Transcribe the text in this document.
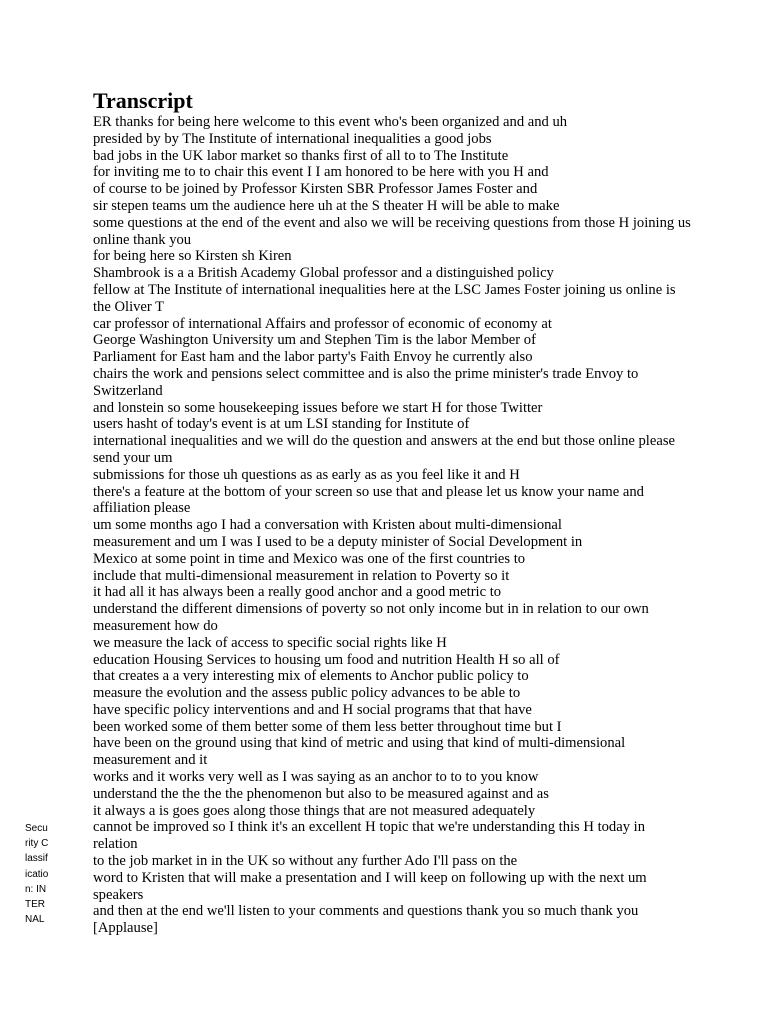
Transcript
ER thanks for being here welcome to this event who's been organized and and uh
presided by by The Institute of international inequalities a good jobs
bad jobs in the UK labor market so thanks first of all to to The Institute
for inviting me to to chair this event I I am honored to be here with you H and
of course to be joined by Professor Kirsten SBR Professor James Foster and
sir stepen teams um the audience here uh at the S theater H will be able to make
some questions at the end of the event and also we will be receiving questions from those H joining us online thank you
for being here so Kirsten sh Kiren
Shambrook is a a British Academy Global professor and a distinguished policy
fellow at The Institute of international inequalities here at the LSC James Foster joining us online is the Oliver T
car professor of international Affairs and professor of economic of economy at
George Washington University um and Stephen Tim is the labor Member of
Parliament for East ham and the labor party's Faith Envoy he currently also
chairs the work and pensions select committee and is also the prime minister's trade Envoy to Switzerland
and lonstein so some housekeeping issues before we start H for those Twitter
users hasht of today's event is at um LSI standing for Institute of
international inequalities and we will do the question and answers at the end but those online please send your um
submissions for those uh questions as as early as as you feel like it and H
there's a feature at the bottom of your screen so use that and please let us know your name and affiliation please
um some months ago I had a conversation with Kristen about multi-dimensional
measurement and um I was I used to be a deputy minister of Social Development in
Mexico at some point in time and Mexico was one of the first countries to
include that multi-dimensional measurement in relation to Poverty so it
it had all it has always been a really good anchor and a good metric to
understand the different dimensions of poverty so not only income but in in relation to our own measurement how do
we measure the lack of access to specific social rights like H
education Housing Services to housing um food and nutrition Health H so all of
that creates a a very interesting mix of elements to Anchor public policy to
measure the evolution and the assess public policy advances to be able to
have specific policy interventions and and H social programs that that have
been worked some of them better some of them less better throughout time but I
have been on the ground using that kind of metric and using that kind of multi-dimensional measurement and it
works and it works very well as I was saying as an anchor to to to you know
understand the the the the phenomenon but also to be measured against and as
it always a is goes goes along those things that are not measured adequately
cannot be improved so I think it's an excellent H topic that we're understanding this H today in relation
to the job market in in the UK so without any further Ado I'll pass on the
word to Kristen that will make a presentation and I will keep on following up with the next um speakers
and then at the end we'll listen to your comments and questions thank you so much thank you
[Applause]
Security Classification: INTERNAL
